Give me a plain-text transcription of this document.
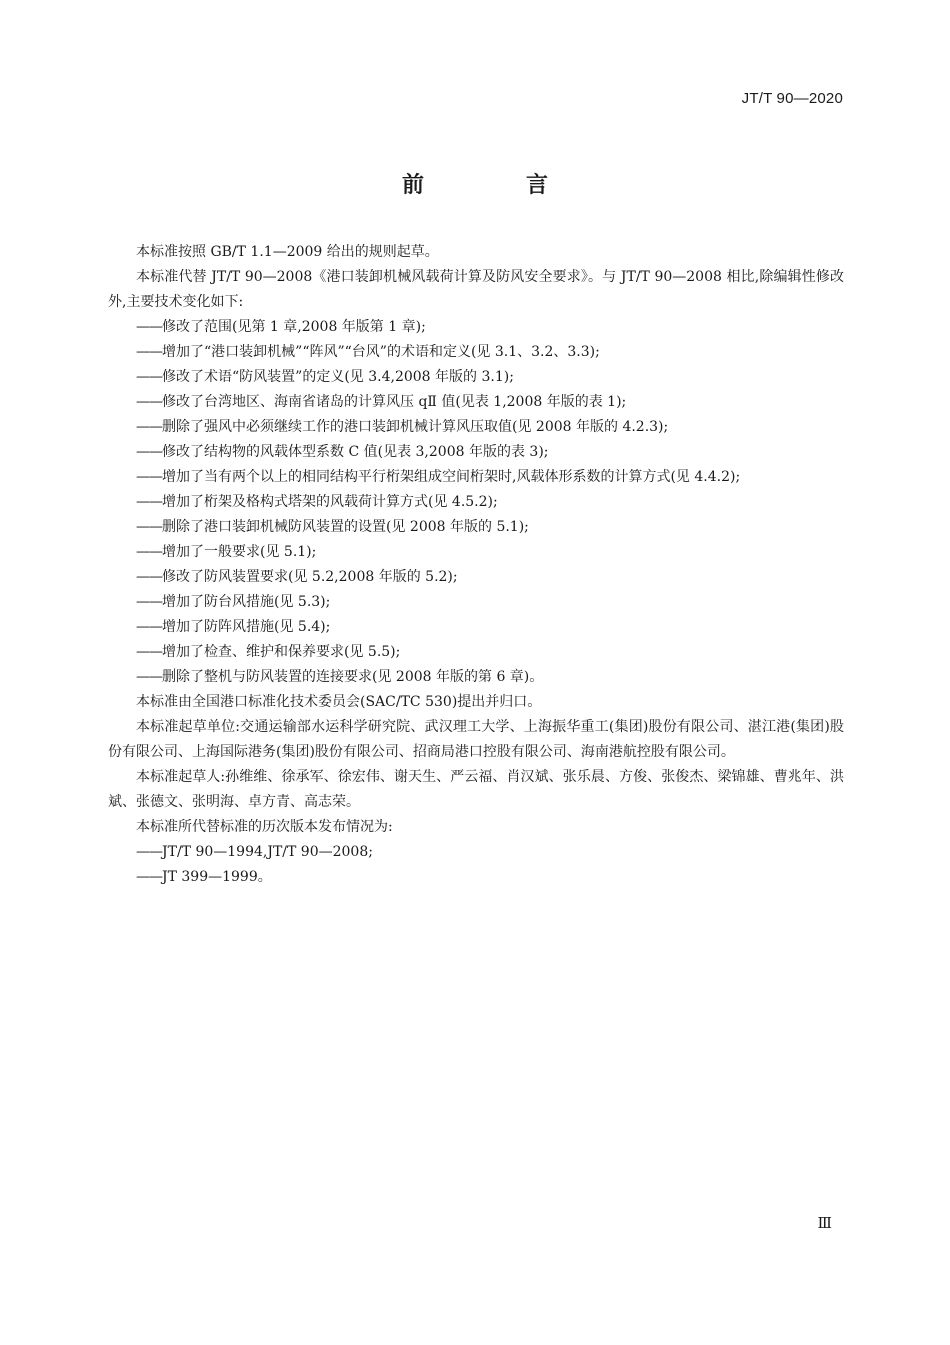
JT/T 90—2020
前　言

本标准按照 GB/T 1.1—2009 给出的规则起草。

本标准代替 JT/T 90—2008《港口装卸机械风载荷计算及防风安全要求》。与 JT/T 90—2008 相比,除编辑性修改外,主要技术变化如下:

——修改了范围(见第 1 章,2008 年版第 1 章);

——增加了“港口装卸机械”“阵风”“台风”的术语和定义(见 3.1、3.2、3.3);

——修改了术语“防风装置”的定义(见 3.4,2008 年版的 3.1);

——修改了台湾地区、海南省诸岛的计算风压 qⅡ 值(见表 1,2008 年版的表 1);

——删除了强风中必须继续工作的港口装卸机械计算风压取值(见 2008 年版的 4.2.3);

——修改了结构物的风载体型系数 C 值(见表 3,2008 年版的表 3);

——增加了当有两个以上的相同结构平行桁架组成空间桁架时,风载体形系数的计算方式(见 4.4.2);

——增加了桁架及格构式塔架的风载荷计算方式(见 4.5.2);

——删除了港口装卸机械防风装置的设置(见 2008 年版的 5.1);

——增加了一般要求(见 5.1);

——修改了防风装置要求(见 5.2,2008 年版的 5.2);

——增加了防台风措施(见 5.3);

——增加了防阵风措施(见 5.4);

——增加了检查、维护和保养要求(见 5.5);

——删除了整机与防风装置的连接要求(见 2008 年版的第 6 章)。

本标准由全国港口标准化技术委员会(SAC/TC 530)提出并归口。

本标准起草单位:交通运输部水运科学研究院、武汉理工大学、上海振华重工(集团)股份有限公司、湛江港(集团)股份有限公司、上海国际港务(集团)股份有限公司、招商局港口控股有限公司、海南港航控股有限公司。

本标准起草人:孙维维、徐承军、徐宏伟、谢天生、严云福、肖汉斌、张乐晨、方俊、张俊杰、梁锦雄、曹兆年、洪斌、张德文、张明海、卓方青、高志荣。

本标准所代替标准的历次版本发布情况为:

——JT/T 90—1994,JT/T 90—2008;

——JT 399—1999。

Ⅲ
